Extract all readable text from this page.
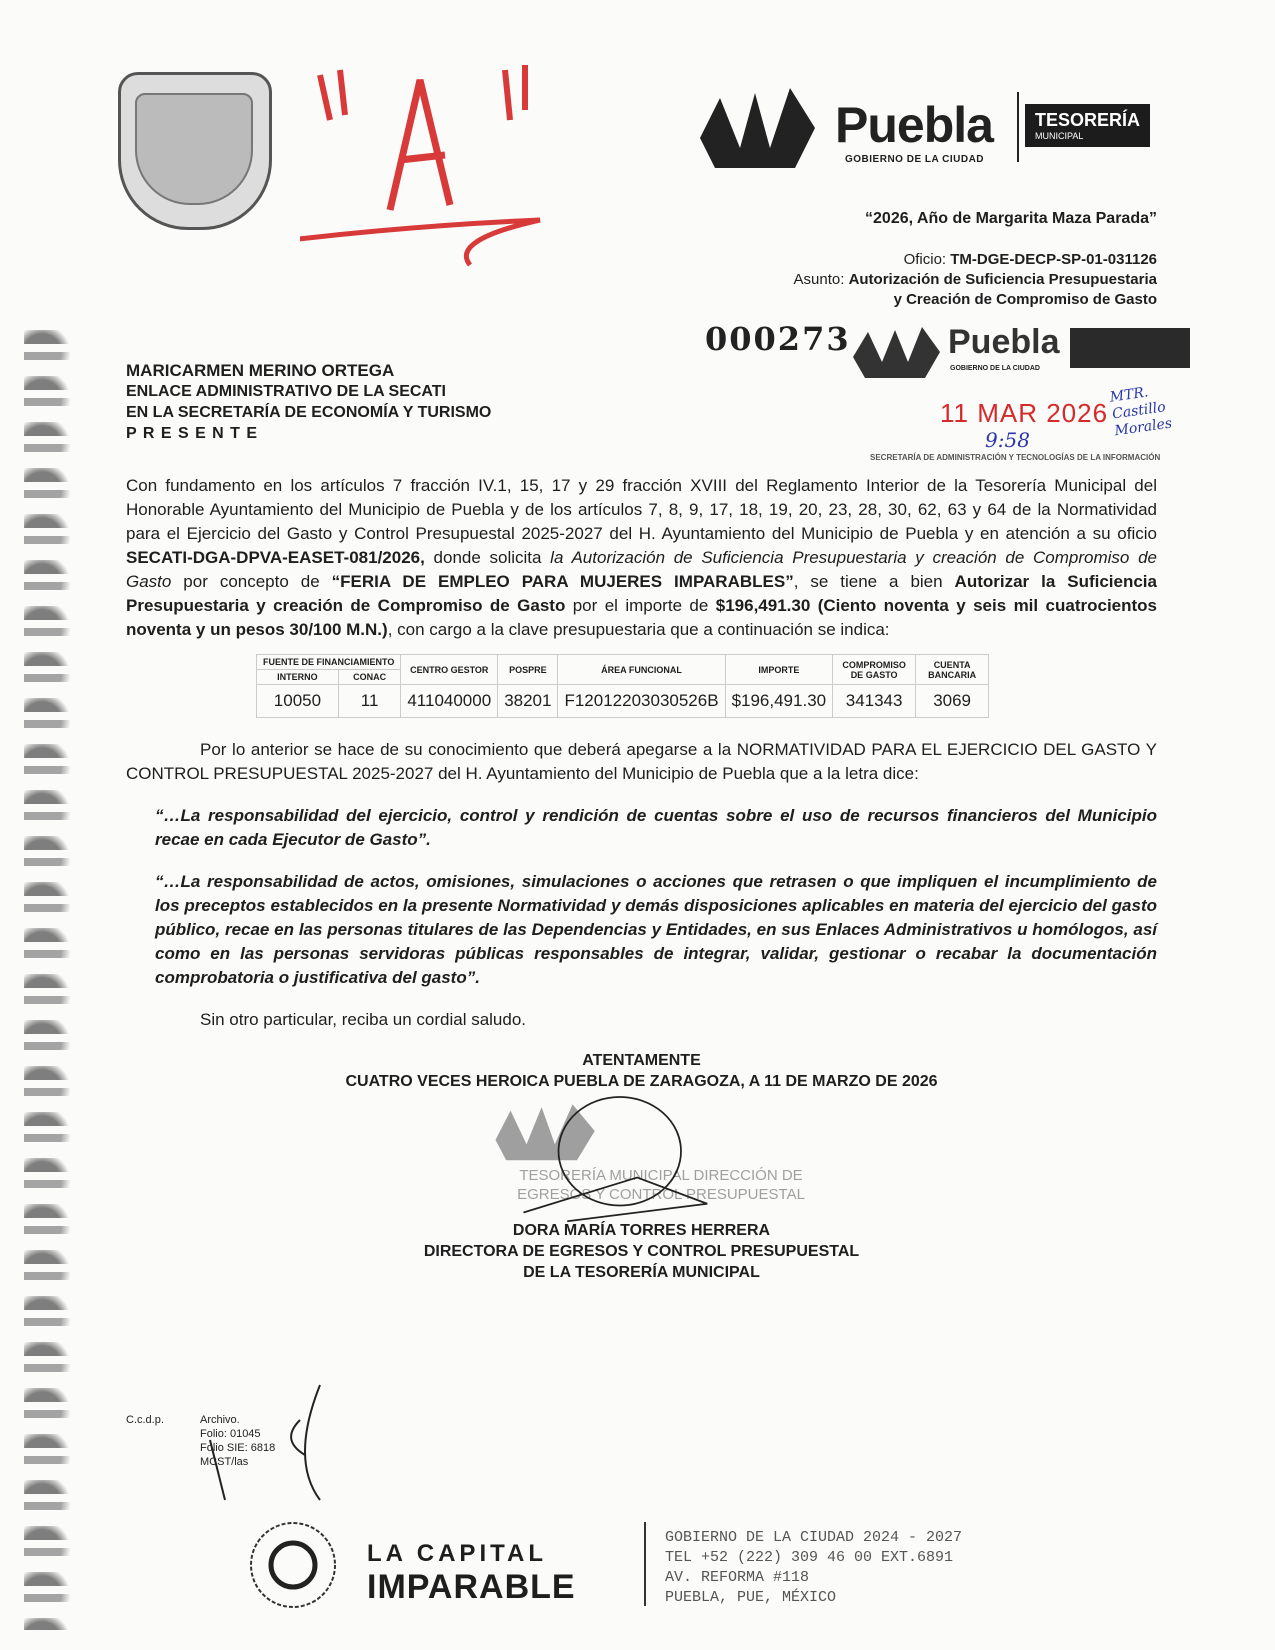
Puebla
GOBIERNO DE LA CIUDAD
TESORERÍA
MUNICIPAL
“2026, Año de Margarita Maza Parada”
Oficio: TM-DGE-DECP-SP-01-031126
Asunto: Autorización de Suficiencia Presupuestaria
y Creación de Compromiso de Gasto
000273	Puebla
GOBIERNO DE LA CIUDAD
11 MAR 2026
9:58
MTR. Castillo Morales
SECRETARÍA DE ADMINISTRACIÓN Y TECNOLOGÍAS DE LA INFORMACIÓN
MARICARMEN MERINO ORTEGA
ENLACE ADMINISTRATIVO DE LA SECATI
EN LA SECRETARÍA DE ECONOMÍA Y TURISMO
P R E S E N T E
Con fundamento en los artículos 7 fracción IV.1, 15, 17 y 29 fracción XVIII del Reglamento Interior de la Tesorería Municipal del Honorable Ayuntamiento del Municipio de Puebla y de los artículos 7, 8, 9, 17, 18, 19, 20, 23, 28, 30, 62, 63 y 64 de la Normatividad para el Ejercicio del Gasto y Control Presupuestal 2025-2027 del H. Ayuntamiento del Municipio de Puebla y en atención a su oficio SECATI-DGA-DPVA-EASET-081/2026, donde solicita la Autorización de Suficiencia Presupuestaria y creación de Compromiso de Gasto por concepto de “FERIA DE EMPLEO PARA MUJERES IMPARABLES”, se tiene a bien Autorizar la Suficiencia Presupuestaria y creación de Compromiso de Gasto por el importe de $196,491.30 (Ciento noventa y seis mil cuatrocientos noventa y un pesos 30/100 M.N.), con cargo a la clave presupuestaria que a continuación se indica:
FUENTE DE FINANCIAMIENTO		CENTRO GESTOR	POSPRE	ÁREA FUNCIONAL	IMPORTE	COMPROMISO DE GASTO	CUENTA BANCARIA
INTERNO	CONAC						
10050	11	411040000	38201	F12012203030526B	$196,491.30	341343	3069
Por lo anterior se hace de su conocimiento que deberá apegarse a la NORMATIVIDAD PARA EL EJERCICIO DEL GASTO Y CONTROL PRESUPUESTAL 2025-2027 del H. Ayuntamiento del Municipio de Puebla que a la letra dice:
“…La responsabilidad del ejercicio, control y rendición de cuentas sobre el uso de recursos financieros del Municipio recae en cada Ejecutor de Gasto”.
“…La responsabilidad de actos, omisiones, simulaciones o acciones que retrasen o que impliquen el incumplimiento de los preceptos establecidos en la presente Normatividad y demás disposiciones aplicables en materia del ejercicio del gasto público, recae en las personas titulares de las Dependencias y Entidades, en sus Enlaces Administrativos u homólogos, así como en las personas servidoras públicas responsables de integrar, validar, gestionar o recabar la documentación comprobatoria o justificativa del gasto”.
Sin otro particular, reciba un cordial saludo.
ATENTAMENTE
CUATRO VECES HEROICA PUEBLA DE ZARAGOZA, A 11 DE MARZO DE 2026
TESORERÍA MUNICIPAL DIRECCIÓN DE EGRESOS Y CONTROL PRESUPUESTAL
DORA MARÍA TORRES HERRERA
DIRECTORA DE EGRESOS Y CONTROL PRESUPUESTAL
DE LA TESORERÍA MUNICIPAL
C.c.d.p.	Archivo.
Folio: 01045
Folio SIE: 6818
MCST/las
LA CAPITAL
IMPARABLE
GOBIERNO DE LA CIUDAD 2024 - 2027
TEL +52 (222) 309 46 00 EXT.6891
AV. REFORMA #118
PUEBLA, PUE, MÉXICO
